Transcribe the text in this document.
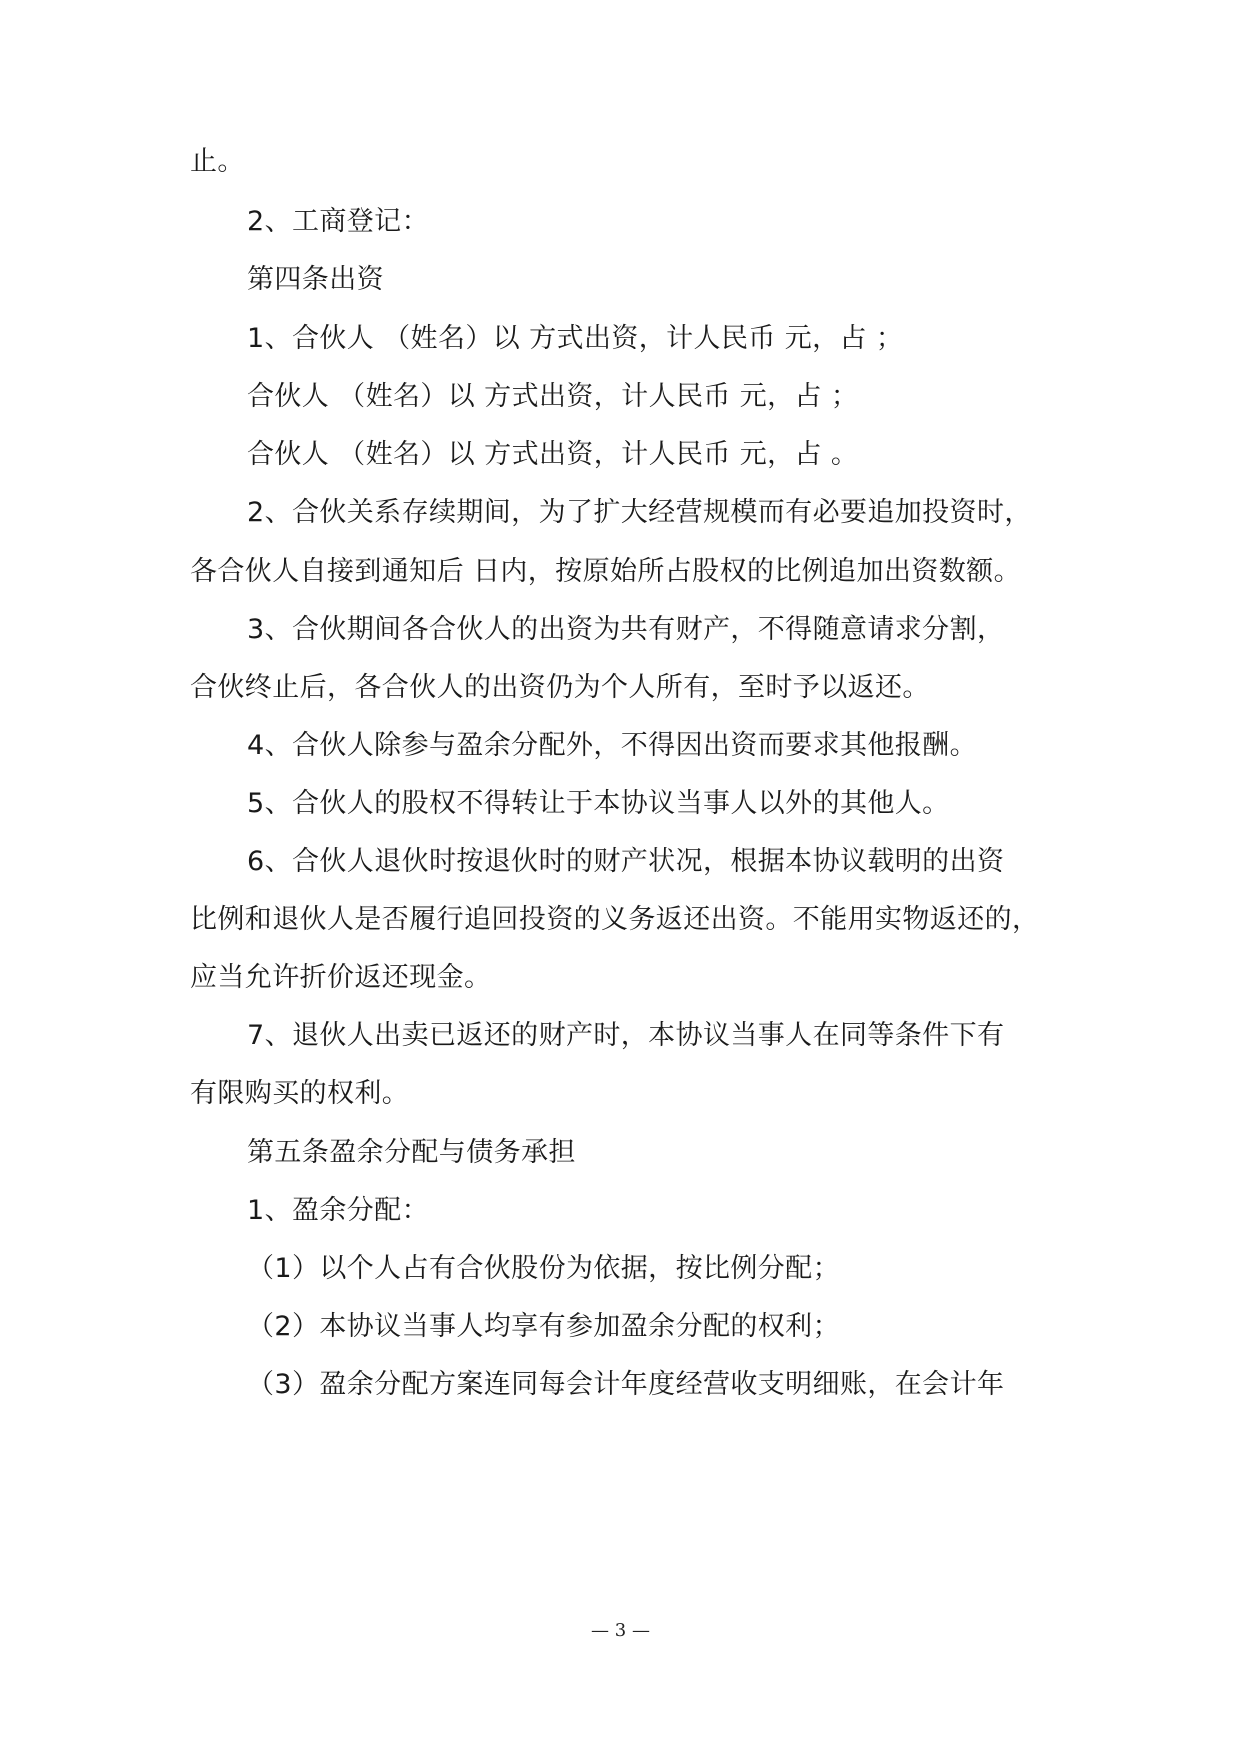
止。
2、工商登记：
第四条出资
1、合伙人 （姓名）以 方式出资，计人民币 元，占 ；
合伙人 （姓名）以 方式出资，计人民币 元，占 ；
合伙人 （姓名）以 方式出资，计人民币 元，占 。
2、合伙关系存续期间，为了扩大经营规模而有必要追加投资时，
各合伙人自接到通知后 日内，按原始所占股权的比例追加出资数额。
3、合伙期间各合伙人的出资为共有财产，不得随意请求分割，
合伙终止后，各合伙人的出资仍为个人所有，至时予以返还。
4、合伙人除参与盈余分配外，不得因出资而要求其他报酬。
5、合伙人的股权不得转让于本协议当事人以外的其他人。
6、合伙人退伙时按退伙时的财产状况，根据本协议载明的出资
比例和退伙人是否履行追回投资的义务返还出资。不能用实物返还的，
应当允许折价返还现金。
7、退伙人出卖已返还的财产时，本协议当事人在同等条件下有
有限购买的权利。
第五条盈余分配与债务承担
1、盈余分配：
（1）以个人占有合伙股份为依据，按比例分配；
（2）本协议当事人均享有参加盈余分配的权利；
（3）盈余分配方案连同每会计年度经营收支明细账，在会计年
— 3 —
